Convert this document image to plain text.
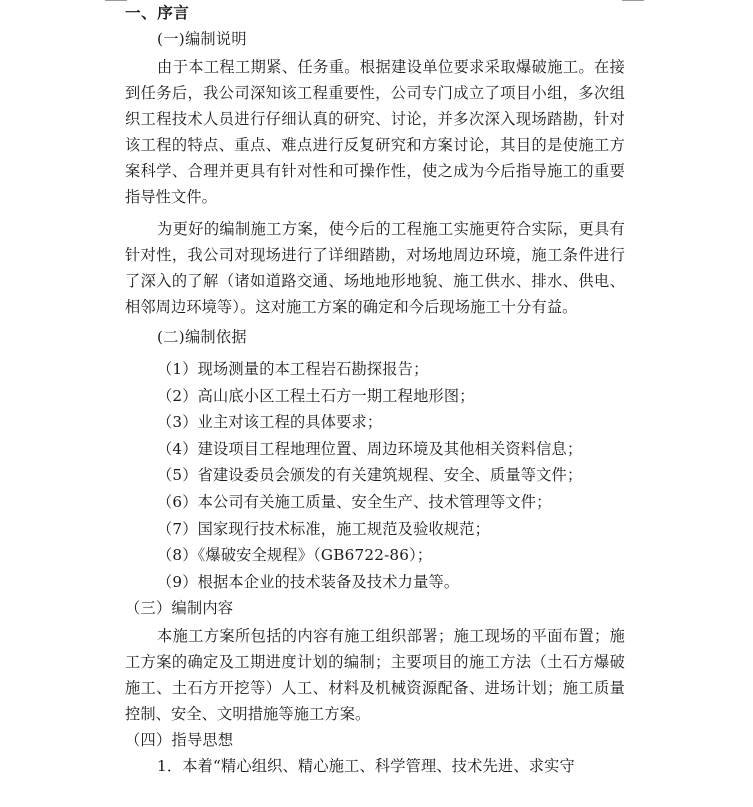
一、序言
(一)编制说明
由于本工程工期紧、任务重。根据建设单位要求采取爆破施工。在接到任务后，我公司深知该工程重要性，公司专门成立了项目小组，多次组织工程技术人员进行仔细认真的研究、讨论，并多次深入现场踏勘，针对该工程的特点、重点、难点进行反复研究和方案讨论，其目的是使施工方案科学、合理并更具有针对性和可操作性，使之成为今后指导施工的重要指导性文件。
为更好的编制施工方案，使今后的工程施工实施更符合实际，更具有针对性，我公司对现场进行了详细踏勘，对场地周边环境，施工条件进行了深入的了解（诸如道路交通、场地地形地貌、施工供水、排水、供电、相邻周边环境等）。这对施工方案的确定和今后现场施工十分有益。
(二)编制依据
（1）现场测量的本工程岩石勘探报告；
（2）高山底小区工程土石方一期工程地形图；
（3）业主对该工程的具体要求；
（4）建设项目工程地理位置、周边环境及其他相关资料信息；
（5）省建设委员会颁发的有关建筑规程、安全、质量等文件；
（6）本公司有关施工质量、安全生产、技术管理等文件；
（7）国家现行技术标准，施工规范及验收规范；
（8）《爆破安全规程》（GB6722-86）；
（9）根据本企业的技术装备及技术力量等。
（三）编制内容
本施工方案所包括的内容有施工组织部署；施工现场的平面布置；施工方案的确定及工期进度计划的编制；主要项目的施工方法（土石方爆破施工、土石方开挖等）人工、材料及机械资源配备、进场计划；施工质量控制、安全、文明措施等施工方案。
（四）指导思想
1．本着“精心组织、精心施工、科学管理、技术先进、求实守
